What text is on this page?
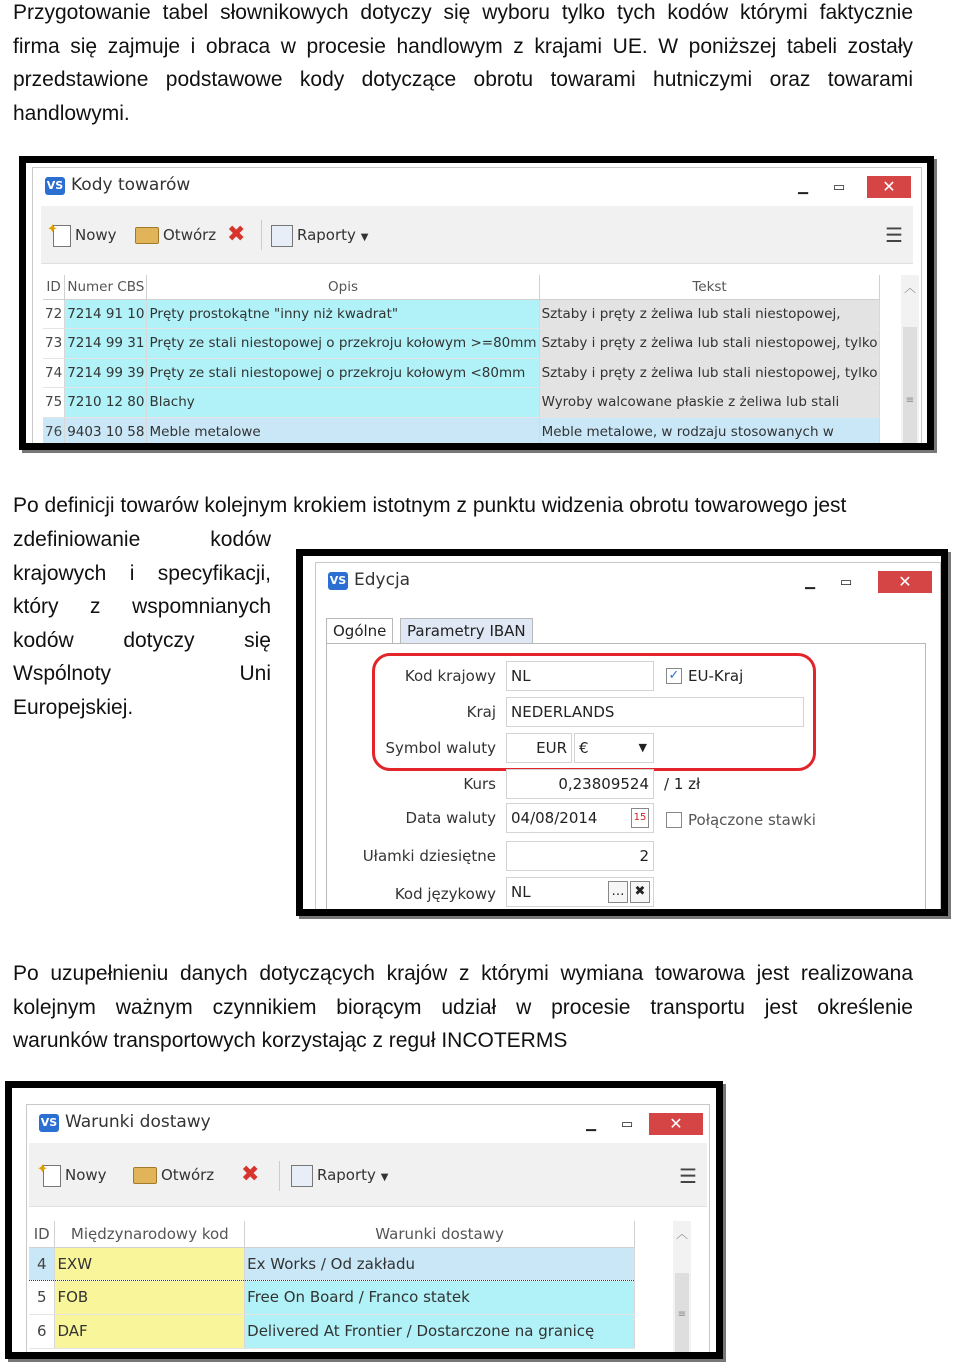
Przygotowanie tabel słownikowych dotyczy się wyboru tylko tych kodów którymi faktycznie
firma się zajmuje i obraca w procesie handlowym z krajami UE. W poniższej tabeli zostały
przedstawione podstawowe kody dotyczące obrotu towarami hutniczymi oraz towarami
handlowymi.
VS Kody towarów	▁	▭	✕
✦Nowy	Otwórz ✖	Raporty ▼	☰
ID	Numer CBS	Opis	Tekst
72	7214 91 10	Pręty prostokątne "inny niż kwadrat"	Sztaby i pręty z żeliwa lub stali niestopowej,
73	7214 99 31	Pręty ze stali niestopowej o przekroju kołowym >=80mm	Sztaby i pręty z żeliwa lub stali niestopowej, tylko
74	7214 99 39	Pręty ze stali niestopowej o przekroju kołowym <80mm	Sztaby i pręty z żeliwa lub stali niestopowej, tylko
75	7210 12 80	Blachy	Wyroby walcowane płaskie z żeliwa lub stali
76	9403 10 58	Meble metalowe	Meble metalowe, w rodzaju stosowanych w
︿
≡
Po definicji towarów kolejnym krokiem istotnym z punktu widzenia obrotu towarowego jest
zdefiniowanie kodów
krajowych i specyfikacji,
który z wspomnianych
kodów dotyczy się
Wspólnoty Uni
Europejskiej.
VS Edycja	▁	▭	✕
Ogólne	Parametry IBAN
Kod krajowy	NL	✓ EU-Kraj
Kraj	NEDERLANDS
Symbol waluty	EUR €	▼
Kurs	0,23809524	/ 1 zł
Data waluty	04/08/2014	15	Połączone stawki
Ułamki dziesiętne	2
Kod językowy	NL	… ✖
Po uzupełnieniu danych dotyczących krajów z którymi wymiana towarowa jest realizowana
kolejnym ważnym czynnikiem biorącym udział w procesie transportu jest określenie
warunków transportowych korzystając z reguł INCOTERMS
VS Warunki dostawy	▁	▭	✕
✦Nowy	Otwórz ✖	Raporty ▼	☰
ID	Międzynarodowy kod	Warunki dostawy
4	EXW	Ex Works / Od zakładu
5	FOB	Free On Board / Franco statek
6	DAF	Delivered At Frontier / Dostarczone na granicę
︿
≡
